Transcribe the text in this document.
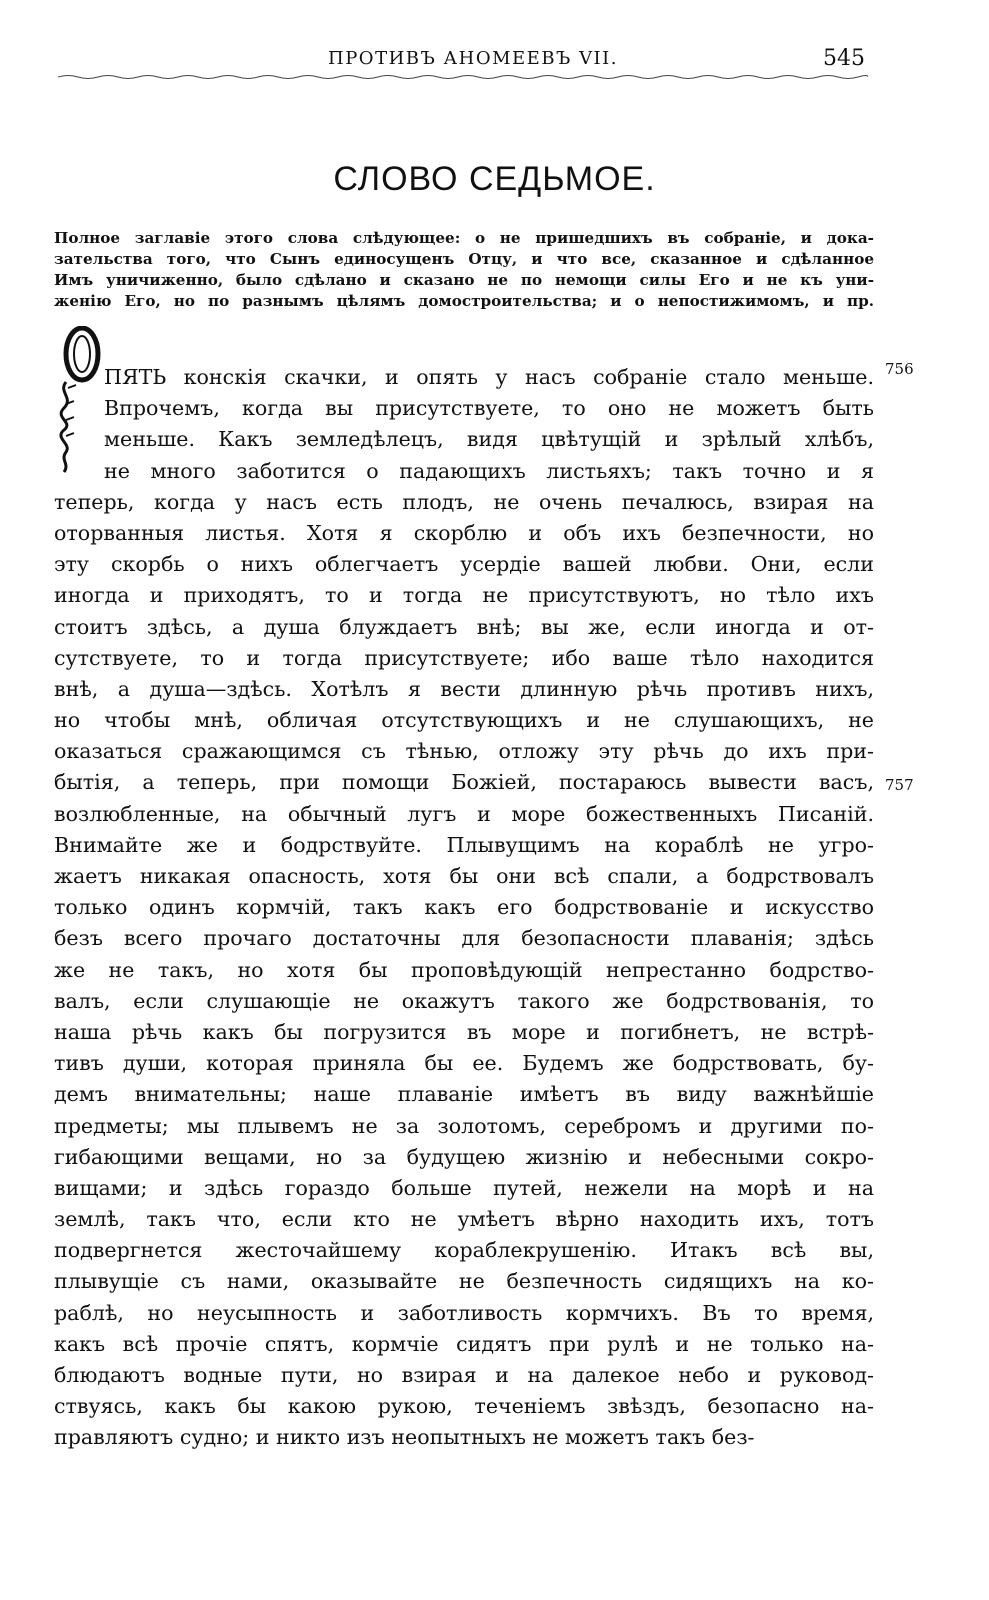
ПРОТИВЪ АНОМЕЕВЪ VII.	545
СЛОВО СЕДЬМОЕ.
Полное заглавіе этого слова слѣдующее: о не пришедшихъ въ собраніе, и дока-
зательства того, что Сынъ единосущенъ Отцу, и что все, сказанное и сдѣланное
Имъ уничиженно, было сдѣлано и сказано не по немощи силы Его и не къ уни-
женію Его, но по разнымъ цѣлямъ домостроительства; и о непостижимомъ, и пр.
756
757
ПЯТЬ конскія скачки, и опять у насъ собраніе стало меньше.
Впрочемъ, когда вы присутствуете, то оно не можетъ быть
меньше. Какъ земледѣлецъ, видя цвѣтущій и зрѣлый хлѣбъ,
не много заботится о падающихъ листьяхъ; такъ точно и я
теперь, когда у насъ есть плодъ, не очень печалюсь, взирая на
оторванныя листья. Хотя я скорблю и объ ихъ безпечности, но
эту скорбь о нихъ облегчаетъ усердіе вашей любви. Они, если
иногда и приходятъ, то и тогда не присутствуютъ, но тѣло ихъ
стоитъ здѣсь, а душа блуждаетъ внѣ; вы же, если иногда и от-
сутствуете, то и тогда присутствуете; ибо ваше тѣло находится
внѣ, а душа—здѣсь. Хотѣлъ я вести длинную рѣчь противъ нихъ,
но чтобы мнѣ, обличая отсутствующихъ и не слушающихъ, не
оказаться сражающимся съ тѣнью, отложу эту рѣчь до ихъ при-
бытія, а теперь, при помощи Божіей, постараюсь вывести васъ,
возлюбленные, на обычный лугъ и море божественныхъ Писаній.
Внимайте же и бодрствуйте. Плывущимъ на кораблѣ не угро-
жаетъ никакая опасность, хотя бы они всѣ спали, а бодрствовалъ
только одинъ кормчій, такъ какъ его бодрствованіе и искусство
безъ всего прочаго достаточны для безопасности плаванія; здѣсь
же не такъ, но хотя бы проповѣдующій непрестанно бодрство-
валъ, если слушающіе не окажутъ такого же бодрствованія, то
наша рѣчь какъ бы погрузится въ море и погибнетъ, не встрѣ-
тивъ души, которая приняла бы ее. Будемъ же бодрствовать, бу-
демъ внимательны; наше плаваніе имѣетъ въ виду важнѣйшіе
предметы; мы плывемъ не за золотомъ, серебромъ и другими по-
гибающими вещами, но за будущею жизнію и небесными сокро-
вищами; и здѣсь гораздо больше путей, нежели на морѣ и на
землѣ, такъ что, если кто не умѣетъ вѣрно находить ихъ, тотъ
подвергнется жесточайшему кораблекрушенію. Итакъ всѣ вы,
плывущіе съ нами, оказывайте не безпечность сидящихъ на ко-
раблѣ, но неусыпность и заботливость кормчихъ. Въ то время,
какъ всѣ прочіе спятъ, кормчіе сидятъ при рулѣ и не только на-
блюдаютъ водные пути, но взирая и на далекое небо и руковод-
ствуясь, какъ бы какою рукою, теченіемъ звѣздъ, безопасно на-
правляютъ судно; и никто изъ неопытныхъ не можетъ такъ без-
